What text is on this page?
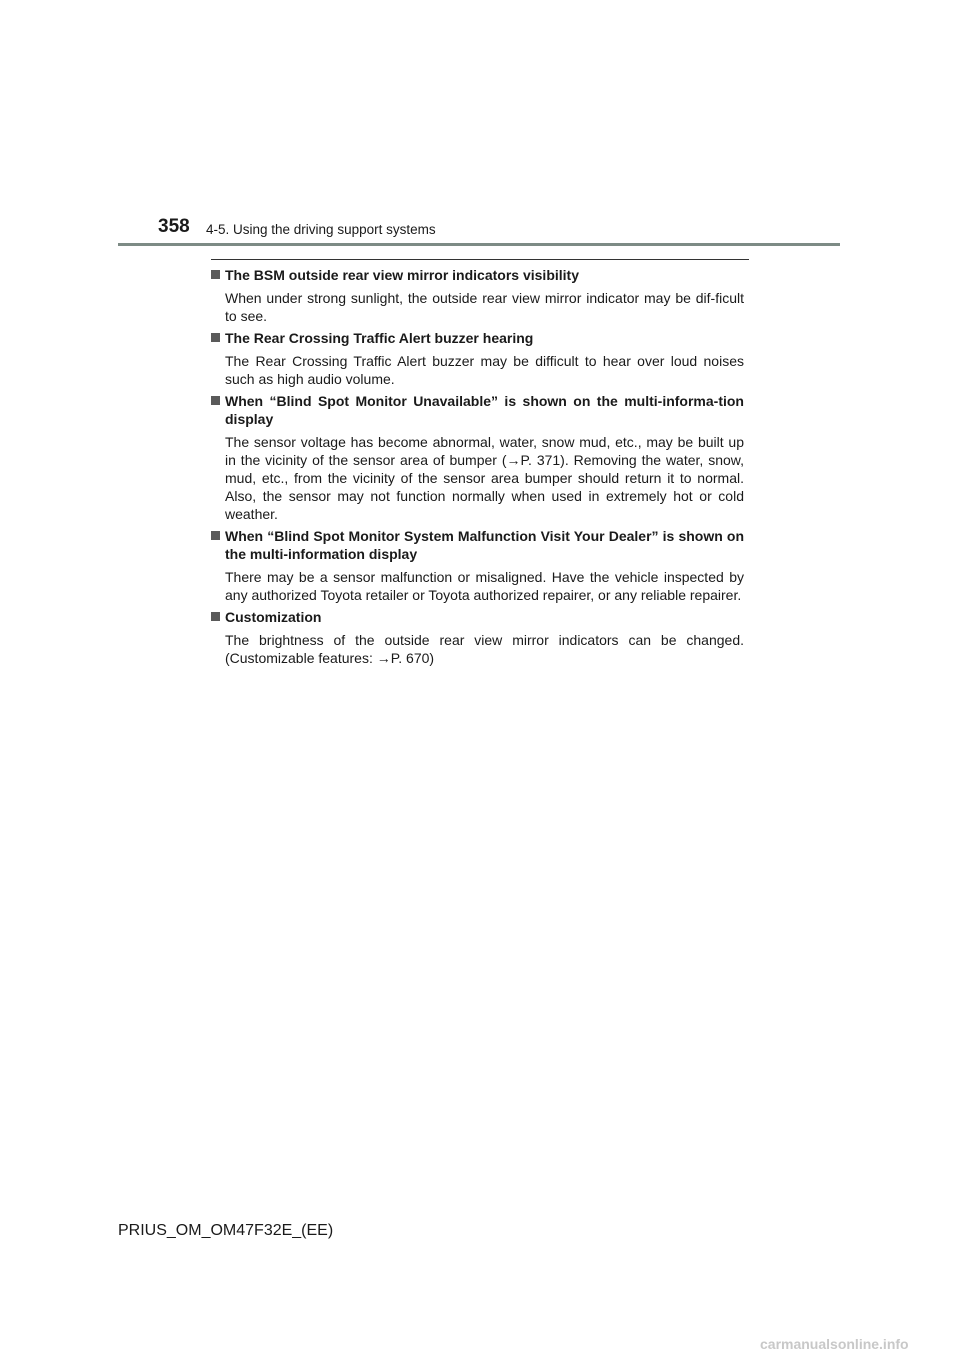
358 4-5. Using the driving support systems
The BSM outside rear view mirror indicators visibility
When under strong sunlight, the outside rear view mirror indicator may be dif-ficult to see.
The Rear Crossing Traffic Alert buzzer hearing
The Rear Crossing Traffic Alert buzzer may be difficult to hear over loud noises such as high audio volume.
When “Blind Spot Monitor Unavailable” is shown on the multi-informa-tion display
The sensor voltage has become abnormal, water, snow mud, etc., may be built up in the vicinity of the sensor area of bumper (→P. 371). Removing the water, snow, mud, etc., from the vicinity of the sensor area bumper should return it to normal. Also, the sensor may not function normally when used in extremely hot or cold weather.
When “Blind Spot Monitor System Malfunction Visit Your Dealer” is shown on the multi-information display
There may be a sensor malfunction or misaligned. Have the vehicle inspected by any authorized Toyota retailer or Toyota authorized repairer, or any reliable repairer.
Customization
The brightness of the outside rear view mirror indicators can be changed. (Customizable features: →P. 670)
PRIUS_OM_OM47F32E_(EE)
carmanualsonline.info
